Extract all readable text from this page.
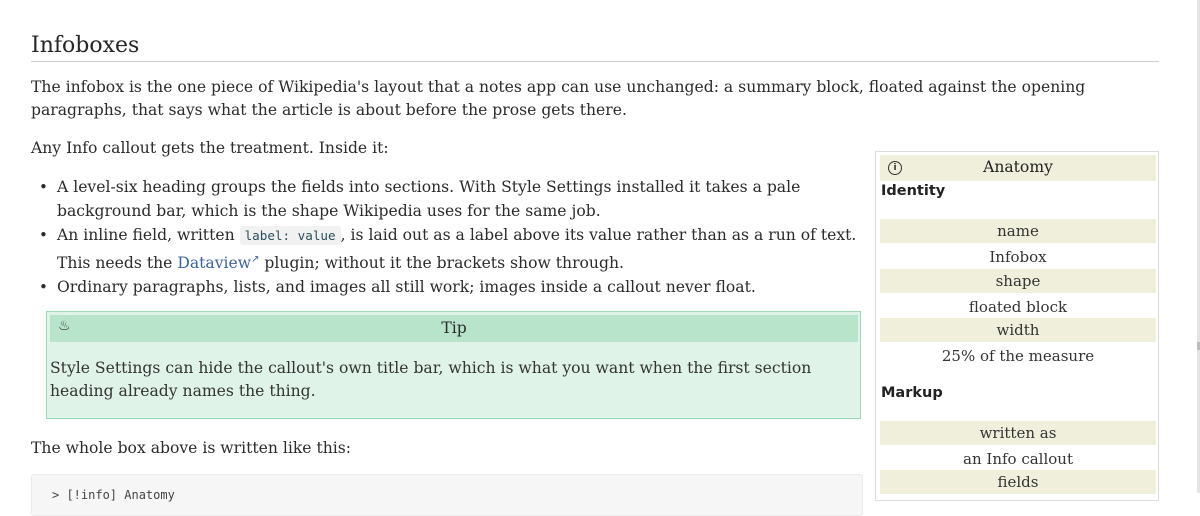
Infoboxes

The infobox is the one piece of Wikipedia's layout that a notes app can use unchanged: a summary block, floated against the opening paragraphs, that says what the article is about before the prose gets there.

Any Info callout gets the treatment. Inside it:

• A level-six heading groups the fields into sections. With Style Settings installed it takes a pale background bar, which is the shape Wikipedia uses for the same job.
• An inline field, written label: value , is laid out as a label above its value rather than as a run of text. This needs the Dataview↗ plugin; without it the brackets show through.
• Ordinary paragraphs, lists, and images all still work; images inside a callout never float.
♨	Tip

Style Settings can hide the callout's own title bar, which is what you want when the first section heading already names the thing.

The whole box above is written like this:

> [!info] Anatomy
i	Anatomy
Identity
name
Infobox
shape
floated block
width
25% of the measure
Markup
written as
an Info callout
fields
